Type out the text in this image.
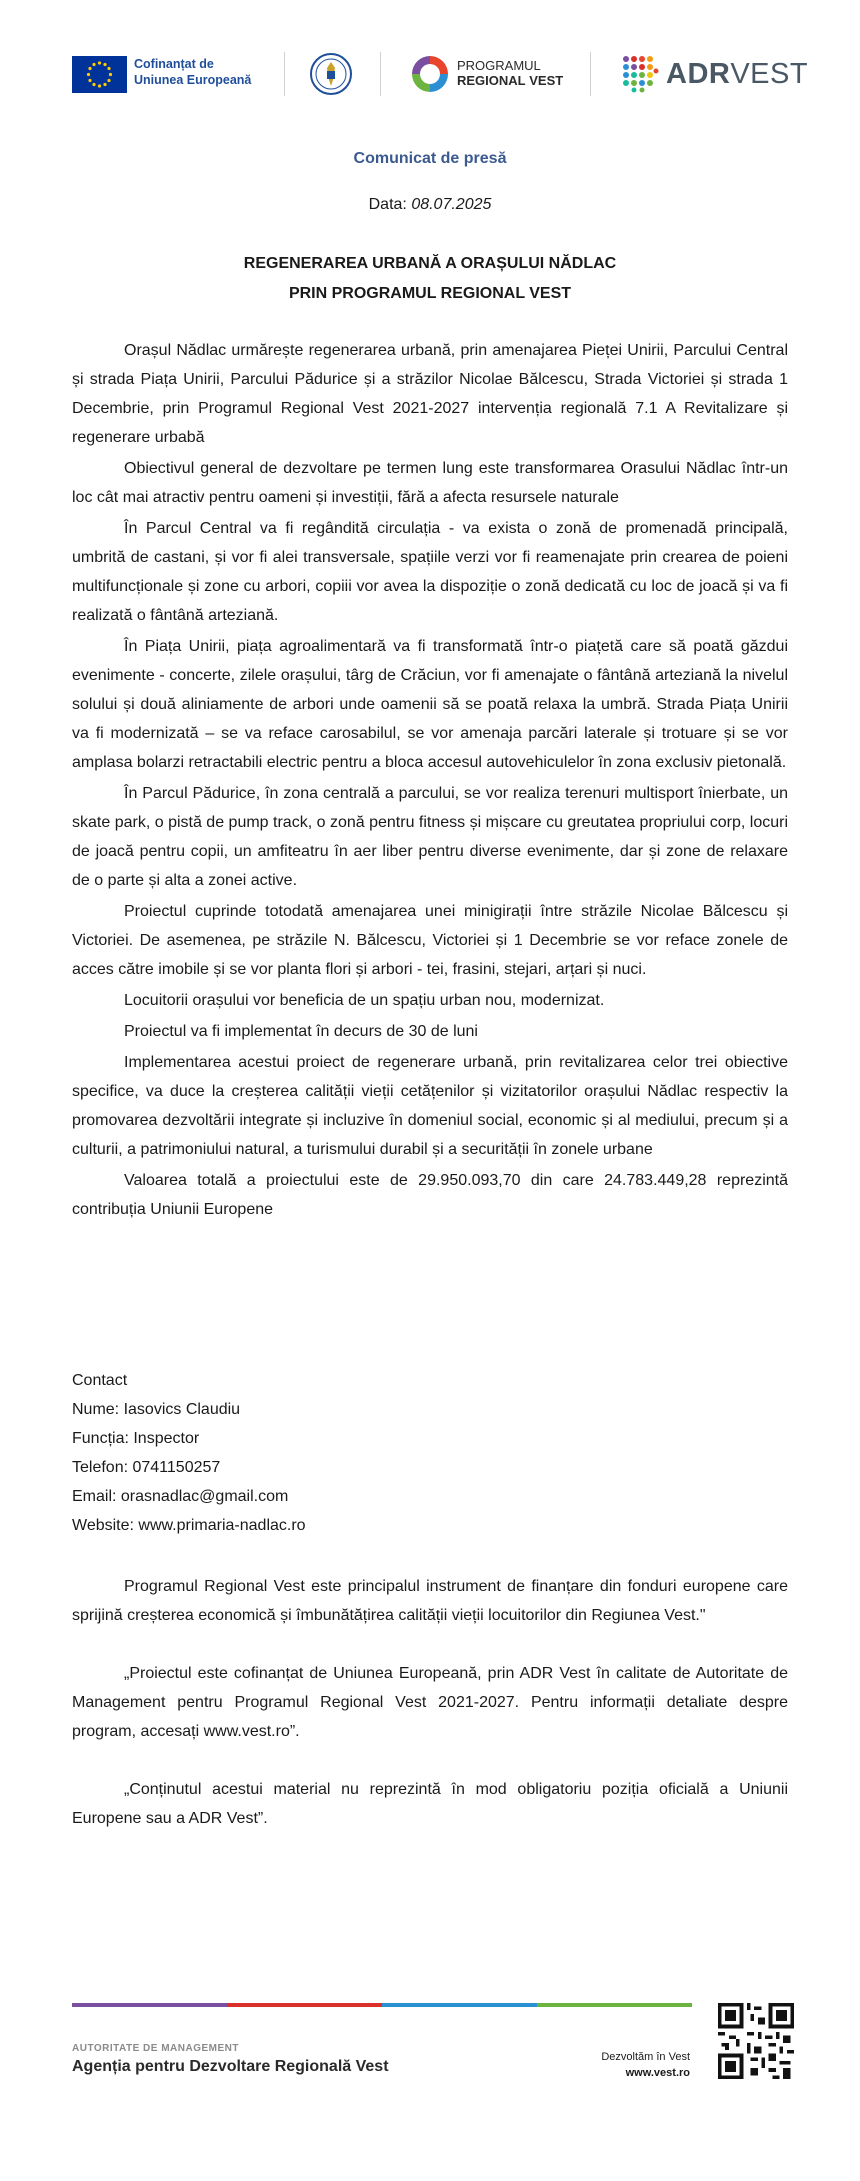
Cofinanțat de
Uniunea Europeană
PROGRAMUL
REGIONAL VEST	ADRVEST
Comunicat de presă
Data: 08.07.2025
REGENERAREA URBANĂ A ORAȘULUI NĂDLAC
PRIN PROGRAMUL REGIONAL VEST

Orașul Nădlac urmărește regenerarea urbană, prin amenajarea Pieței Unirii, Parcului Central și strada Piața Unirii, Parcului Pădurice și a străzilor Nicolae Bălcescu, Strada Victoriei și strada 1 Decembrie, prin Programul Regional Vest 2021-2027 intervenția regională 7.1 A Revitalizare și regenerare urbabă

Obiectivul general de dezvoltare pe termen lung este transformarea Orasului Nădlac într-un loc cât mai atractiv pentru oameni și investiții, fără a afecta resursele naturale

În Parcul Central va fi regândită circulația - va exista o zonă de promenadă principală, umbrită de castani, și vor fi alei transversale, spațiile verzi vor fi reamenajate prin crearea de poieni multifuncționale și zone cu arbori, copiii vor avea la dispoziție o zonă dedicată cu loc de joacă și va fi realizată o fântână arteziană.

În Piața Unirii, piața agroalimentară va fi transformată într-o piațetă care să poată găzdui evenimente - concerte, zilele orașului, târg de Crăciun, vor fi amenajate o fântână arteziană la nivelul solului și două aliniamente de arbori unde oamenii să se poată relaxa la umbră. Strada Piața Unirii va fi modernizată – se va reface carosabilul, se vor amenaja parcări laterale și trotuare și se vor amplasa bolarzi retractabili electric pentru a bloca accesul autovehiculelor în zona exclusiv pietonală.

În Parcul Pădurice, în zona centrală a parcului, se vor realiza terenuri multisport înierbate, un skate park, o pistă de pump track, o zonă pentru fitness și mișcare cu greutatea propriului corp, locuri de joacă pentru copii, un amfiteatru în aer liber pentru diverse evenimente, dar și zone de relaxare de o parte și alta a zonei active.

Proiectul cuprinde totodată amenajarea unei minigirații între străzile Nicolae Bălcescu și Victoriei. De asemenea, pe străzile N. Bălcescu, Victoriei și 1 Decembrie se vor reface zonele de acces către imobile și se vor planta flori și arbori - tei, frasini, stejari, arțari și nuci.

Locuitorii orașului vor beneficia de un spațiu urban nou, modernizat.

Proiectul va fi implementat în decurs de 30 de luni

Implementarea acestui proiect de regenerare urbană, prin revitalizarea celor trei obiective specifice, va duce la creșterea calității vieții cetățenilor și vizitatorilor orașului Nădlac respectiv la promovarea dezvoltării integrate și incluzive în domeniul social, economic și al mediului, precum și a culturii, a patrimoniului natural, a turismului durabil și a securității în zonele urbane

Valoarea totală a proiectului este de 29.950.093,70 din care 24.783.449,28 reprezintă contribuția Uniunii Europene

Contact
Nume: Iasovics Claudiu
Funcția: Inspector
Telefon: 0741150257
Email: orasnadlac@gmail.com
Website: www.primaria-nadlac.ro

Programul Regional Vest este principalul instrument de finanțare din fonduri europene care sprijină creșterea economică și îmbunătățirea calității vieții locuitorilor din Regiunea Vest."

„Proiectul este cofinanțat de Uniunea Europeană, prin ADR Vest în calitate de Autoritate de Management pentru Programul Regional Vest 2021-2027. Pentru informații detaliate despre program, accesați www.vest.ro”.

„Conținutul acestui material nu reprezintă în mod obligatoriu poziția oficială a Uniunii Europene sau a ADR Vest”.

AUTORITATE DE MANAGEMENT
Agenția pentru Dezvoltare Regională Vest
Dezvoltăm în Vest
www.vest.ro
